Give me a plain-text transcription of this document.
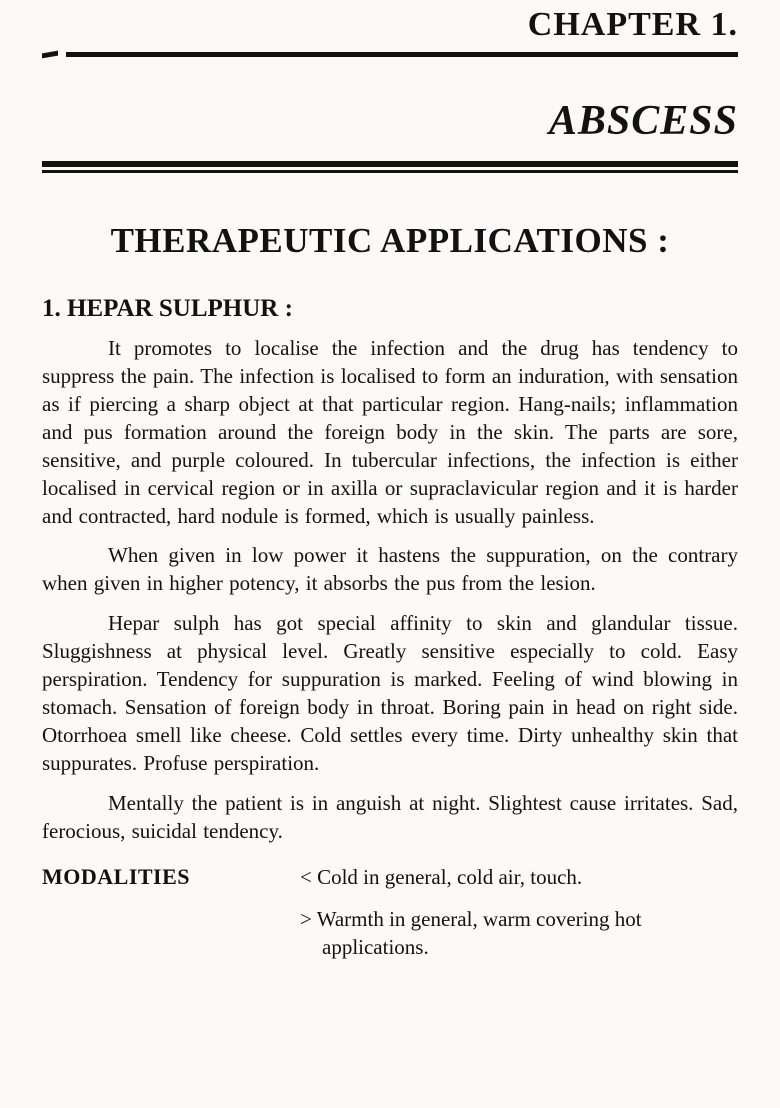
CHAPTER 1.
ABSCESS
THERAPEUTIC APPLICATIONS :
1. HEPAR SULPHUR :

It promotes to localise the infection and the drug has tendency to suppress the pain. The infection is localised to form an induration, with sensation as if piercing a sharp object at that particular region. Hang-nails; inflammation and pus formation around the foreign body in the skin. The parts are sore, sensitive, and purple coloured. In tubercular infections, the infection is either localised in cervical region or in axilla or supraclavicular region and it is harder and contracted, hard nodule is formed, which is usually painless.

When given in low power it hastens the suppuration, on the contrary when given in higher potency, it absorbs the pus from the lesion.

Hepar sulph has got special affinity to skin and glandular tissue. Sluggishness at physical level. Greatly sensitive especially to cold. Easy perspiration. Tendency for suppuration is marked. Feeling of wind blowing in stomach. Sensation of foreign body in throat. Boring pain in head on right side. Otorrhoea smell like cheese. Cold settles every time. Dirty unhealthy skin that suppurates. Profuse perspiration.

Mentally the patient is in anguish at night. Slightest cause irritates. Sad, ferocious, suicidal tendency.

MODALITIES	< Cold in general, cold air, touch.
> Warmth in general, warm covering hot applications.
